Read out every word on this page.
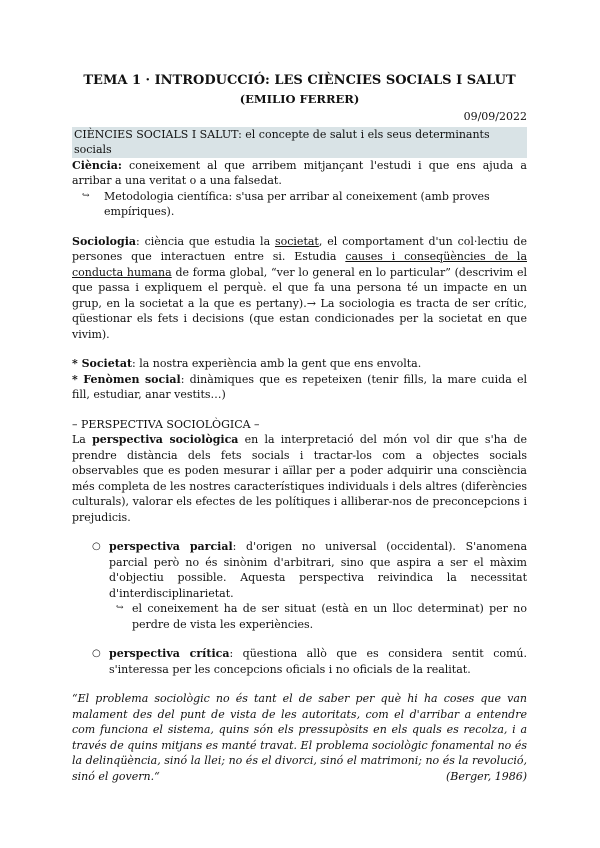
TEMA 1 · INTRODUCCIÓ: LES CIÈNCIES SOCIALS I SALUT
(EMILIO FERRER)
09/09/2022
CIÈNCIES SOCIALS I SALUT: el concepte de salut i els seus determinants socials

Ciència: coneixement al que arribem mitjançant l'estudi i que ens ajuda a arribar a una veritat o a una falsedat.

↪	Metodologia científica: s'usa per arribar al coneixement (amb proves empíriques).

Sociologia: ciència que estudia la societat, el comportament d'un col·lectiu de persones que interactuen entre si. Estudia causes i conseqüències de la conducta humana de forma global, “ver lo general en lo particular” (descrivim el que passa i expliquem el perquè. el que fa una persona té un impacte en un grup, en la societat a la que es pertany).→ La sociologia es tracta de ser crític, qüestionar els fets i decisions (que estan condicionades per la societat en que vivim).

* Societat: la nostra experiència amb la gent que ens envolta.

* Fenòmen social: dinàmiques que es repeteixen (tenir fills, la mare cuida el fill, estudiar, anar vestits…)

– PERSPECTIVA SOCIOLÒGICA –

La perspectiva sociològica en la interpretació del món vol dir que s'ha de prendre distància dels fets socials i tractar-los com a objectes socials observables que es poden mesurar i aïllar per a poder adquirir una consciència més completa de les nostres característiques individuals i dels altres (diferències culturals), valorar els efectes de les polítiques i alliberar-nos de preconcepcions i prejudicis.

○ perspectiva parcial: d'origen no universal (occidental). S'anomena parcial però no és sinònim d'arbitrari, sino que aspira a ser el màxim d'objectiu possible. Aquesta perspectiva reivindica la necessitat d'interdisciplinarietat.

↪ el coneixement ha de ser situat (està en un lloc determinat) per no perdre de vista les experiències.

○ perspectiva crítica: qüestiona allò que es considera sentit comú. s'interessa per les concepcions oficials i no oficials de la realitat.

“El problema sociològic no és tant el de saber per què hi ha coses que van malament des del punt de vista de les autoritats, com el d'arribar a entendre com funciona el sistema, quins són els pressupòsits en els quals es recolza, i a través de quins mitjans es manté travat. El problema sociològic fonamental no és la delinqüència, sinó la llei; no és el divorci, sinó el matrimoni; no és la revolució, sinó el govern.“	(Berger, 1986)
